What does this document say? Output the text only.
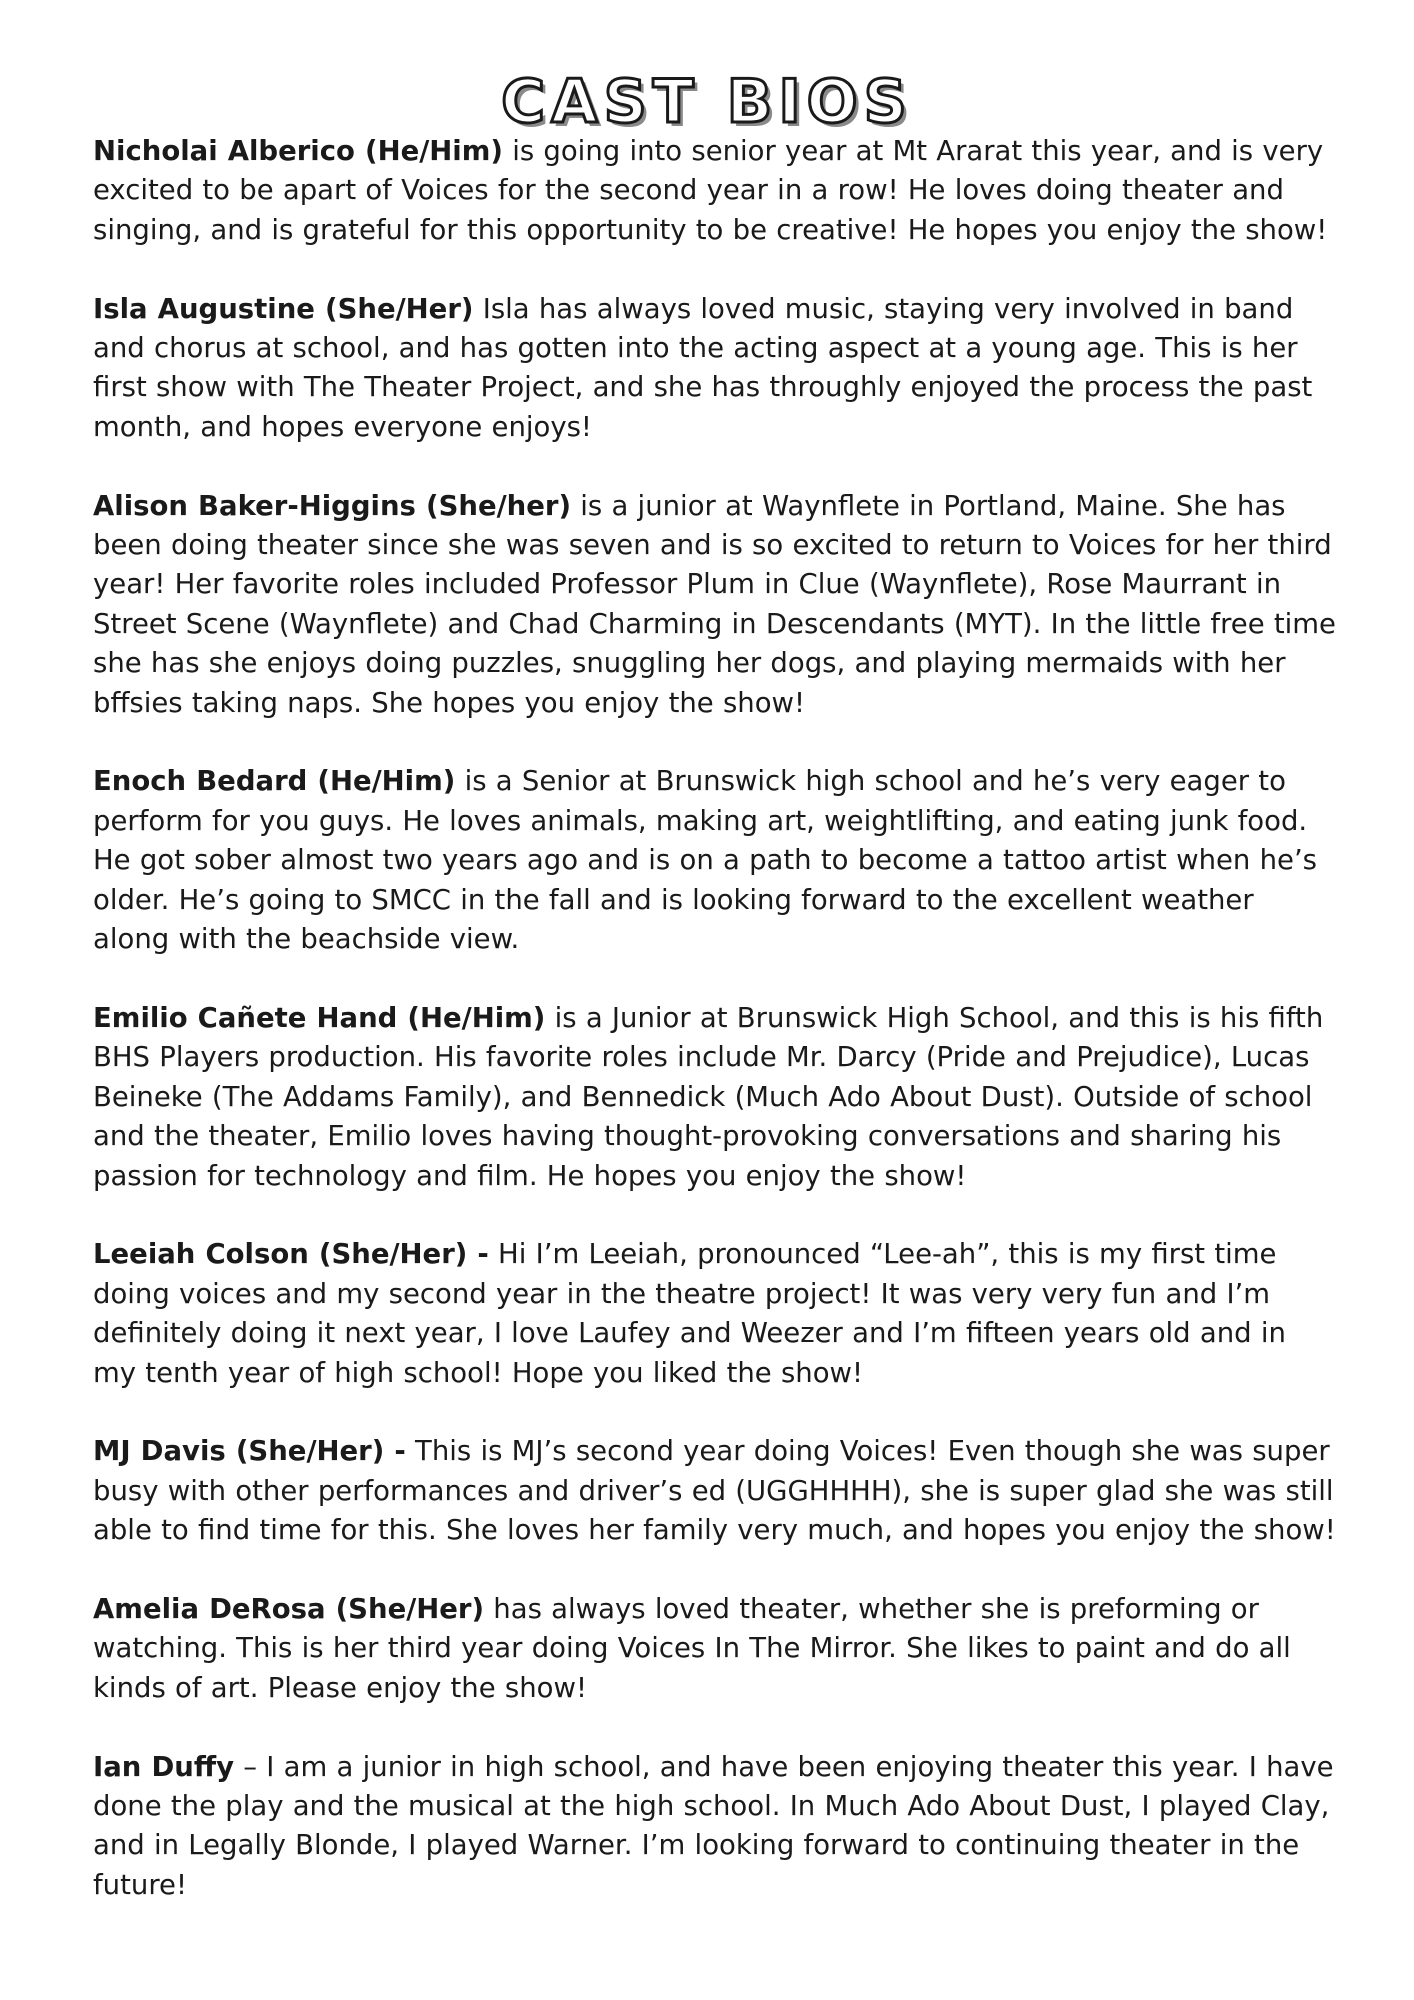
CAST BIOS

Nicholai Alberico (He/Him) is going into senior year at Mt Ararat this year, and is very excited to be apart of Voices for the second year in a row! He loves doing theater and singing, and is grateful for this opportunity to be creative! He hopes you enjoy the show!

Isla Augustine (She/Her) Isla has always loved music, staying very involved in band and chorus at school, and has gotten into the acting aspect at a young age. This is her first show with The Theater Project, and she has throughly enjoyed the process the past month, and hopes everyone enjoys!

Alison Baker-Higgins (She/her) is a junior at Waynflete in Portland, Maine. She has been doing theater since she was seven and is so excited to return to Voices for her third year! Her favorite roles included Professor Plum in Clue (Waynflete), Rose Maurrant in Street Scene (Waynflete) and Chad Charming in Descendants (MYT). In the little free time she has she enjoys doing puzzles, snuggling her dogs, and playing mermaids with her bffsies taking naps. She hopes you enjoy the show!

Enoch Bedard (He/Him) is a Senior at Brunswick high school and he’s very eager to perform for you guys. He loves animals, making art, weightlifting, and eating junk food. He got sober almost two years ago and is on a path to become a tattoo artist when he’s older. He’s going to SMCC in the fall and is looking forward to the excellent weather along with the beachside view.

Emilio Cañete Hand (He/Him) is a Junior at Brunswick High School, and this is his fifth BHS Players production. His favorite roles include Mr. Darcy (Pride and Prejudice), Lucas Beineke (The Addams Family), and Bennedick (Much Ado About Dust). Outside of school and the theater, Emilio loves having thought-provoking conversations and sharing his passion for technology and film. He hopes you enjoy the show!

Leeiah Colson (She/Her) - Hi I’m Leeiah, pronounced “Lee-ah”, this is my first time doing voices and my second year in the theatre project! It was very very fun and I’m definitely doing it next year, I love Laufey and Weezer and I’m fifteen years old and in my tenth year of high school! Hope you liked the show!

MJ Davis (She/Her) - This is MJ’s second year doing Voices! Even though she was super busy with other performances and driver’s ed (UGGHHHH), she is super glad she was still able to find time for this. She loves her family very much, and hopes you enjoy the show!

Amelia DeRosa (She/Her) has always loved theater, whether she is preforming or watching. This is her third year doing Voices In The Mirror. She likes to paint and do all kinds of art. Please enjoy the show!

Ian Duffy – I am a junior in high school, and have been enjoying theater this year. I have done the play and the musical at the high school. In Much Ado About Dust, I played Clay, and in Legally Blonde, I played Warner. I’m looking forward to continuing theater in the future!
